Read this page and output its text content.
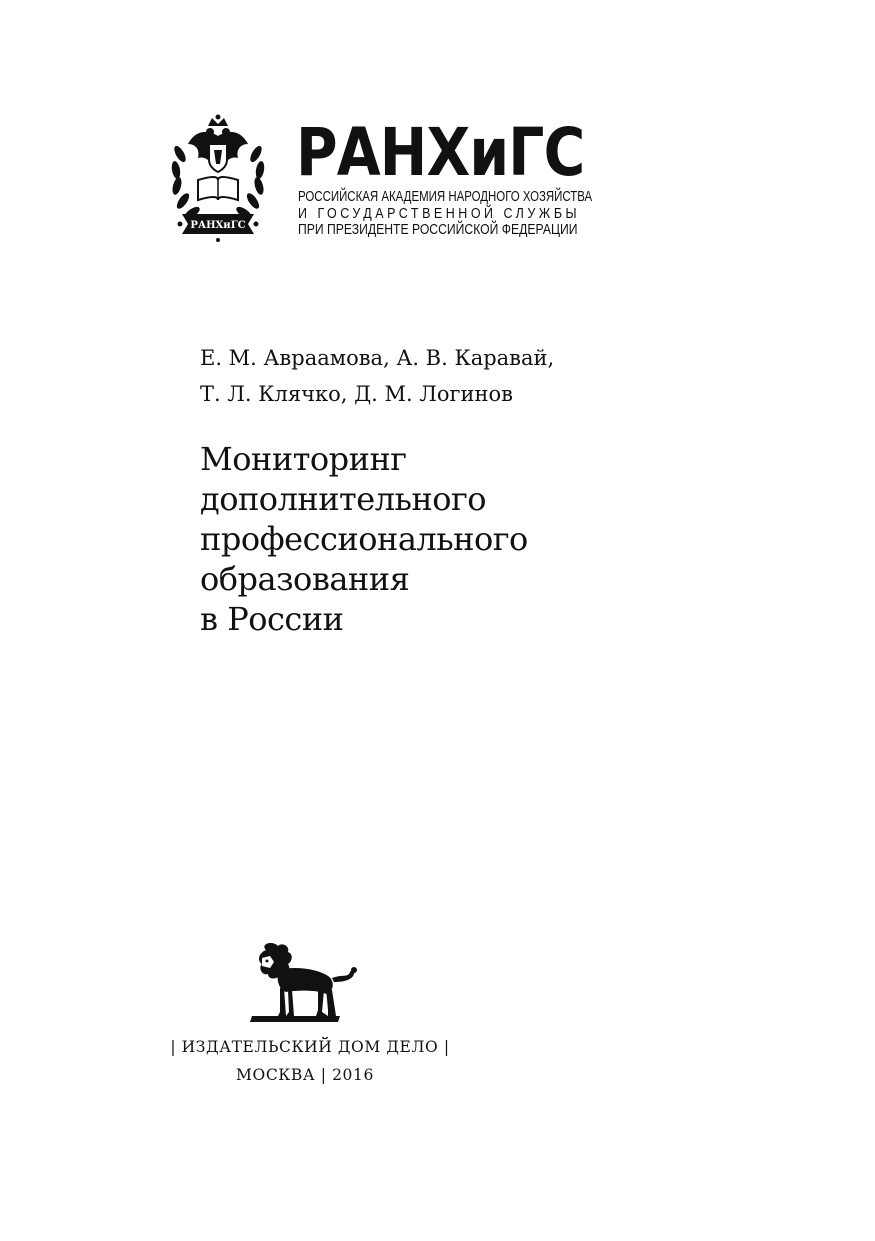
РАНХиГС
РАНХиГС
РОССИЙСКАЯ АКАДЕМИЯ НАРОДНОГО ХОЗЯЙСТВА
И ГОСУДАРСТВЕННОЙ СЛУЖБЫ
ПРИ ПРЕЗИДЕНТЕ РОССИЙСКОЙ ФЕДЕРАЦИИ
Е. М. Авраамова, А. В. Каравай,
Т. Л. Клячко, Д. М. Логинов
Мониторинг
дополнительного
профессионального
образования
в России
| ИЗДАТЕЛЬСКИЙ ДОМ ДЕЛО |
МОСКВА | 2016
